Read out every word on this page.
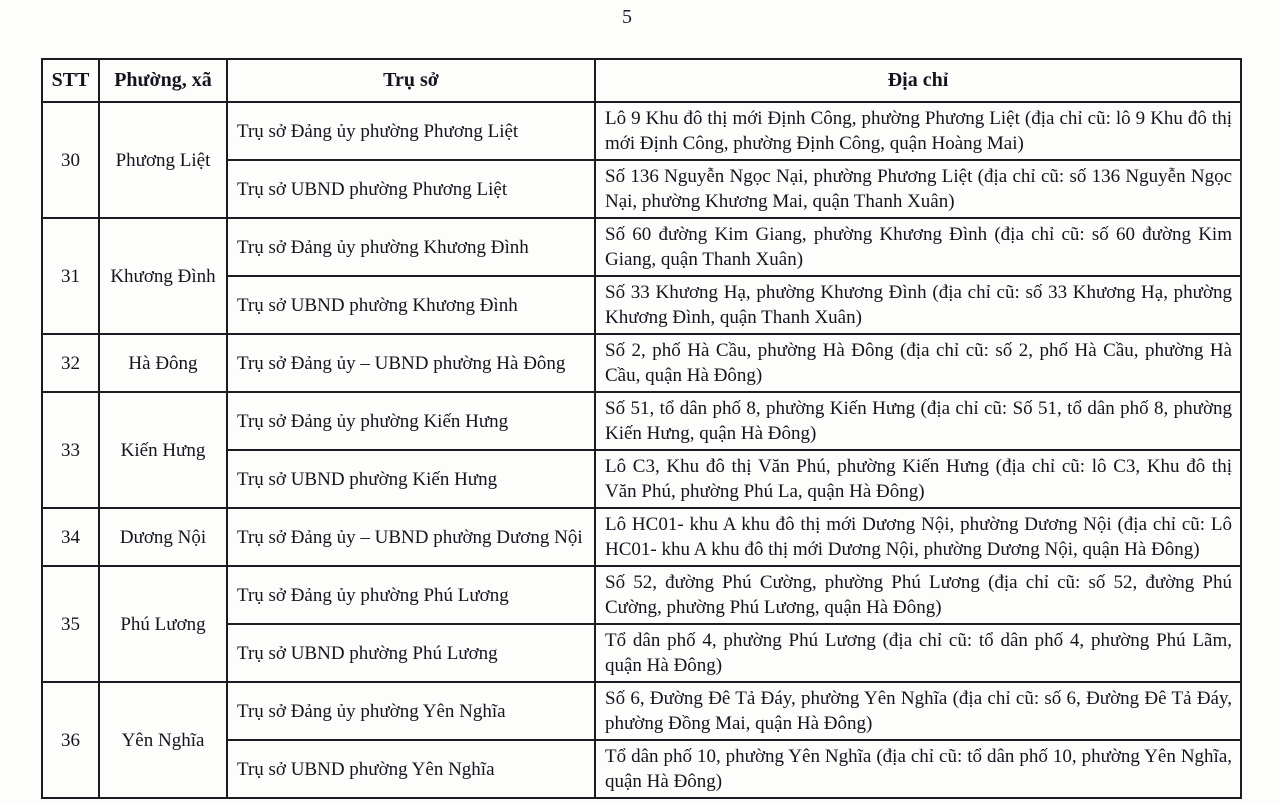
5
STT	Phường, xã	Trụ sở	Địa chỉ
30	Phương Liệt	Trụ sở Đảng ủy phường Phương Liệt	Lô 9 Khu đô thị mới Định Công, phường Phương Liệt (địa chỉ cũ: lô 9 Khu đô thị mới Định Công, phường Định Công, quận Hoàng Mai)
		Trụ sở UBND phường Phương Liệt	Số 136 Nguyễn Ngọc Nại, phường Phương Liệt (địa chỉ cũ: số 136 Nguyễn Ngọc Nại, phường Khương Mai, quận Thanh Xuân)
31	Khương Đình	Trụ sở Đảng ủy phường Khương Đình	Số 60 đường Kim Giang, phường Khương Đình (địa chỉ cũ: số 60 đường Kim Giang, quận Thanh Xuân)
		Trụ sở UBND phường Khương Đình	Số 33 Khương Hạ, phường Khương Đình (địa chỉ cũ: số 33 Khương Hạ, phường Khương Đình, quận Thanh Xuân)
32	Hà Đông	Trụ sở Đảng ủy – UBND phường Hà Đông	Số 2, phố Hà Cầu, phường Hà Đông (địa chỉ cũ: số 2, phố Hà Cầu, phường Hà Cầu, quận Hà Đông)
33	Kiến Hưng	Trụ sở Đảng ủy phường Kiến Hưng	Số 51, tổ dân phố 8, phường Kiến Hưng (địa chỉ cũ: Số 51, tổ dân phố 8, phường Kiến Hưng, quận Hà Đông)
		Trụ sở UBND phường Kiến Hưng	Lô C3, Khu đô thị Văn Phú, phường Kiến Hưng (địa chỉ cũ: lô C3, Khu đô thị Văn Phú, phường Phú La, quận Hà Đông)
34	Dương Nội	Trụ sở Đảng ủy – UBND phường Dương Nội	Lô HC01- khu A khu đô thị mới Dương Nội, phường Dương Nội (địa chỉ cũ: Lô HC01- khu A khu đô thị mới Dương Nội, phường Dương Nội, quận Hà Đông)
35	Phú Lương	Trụ sở Đảng ủy phường Phú Lương	Số 52, đường Phú Cường, phường Phú Lương (địa chỉ cũ: số 52, đường Phú Cường, phường Phú Lương, quận Hà Đông)
		Trụ sở UBND phường Phú Lương	Tổ dân phố 4, phường Phú Lương (địa chỉ cũ: tổ dân phố 4, phường Phú Lãm, quận Hà Đông)
36	Yên Nghĩa	Trụ sở Đảng ủy phường Yên Nghĩa	Số 6, Đường Đê Tả Đáy, phường Yên Nghĩa (địa chỉ cũ: số 6, Đường Đê Tả Đáy, phường Đồng Mai, quận Hà Đông)
		Trụ sở UBND phường Yên Nghĩa	Tổ dân phố 10, phường Yên Nghĩa (địa chỉ cũ: tổ dân phố 10, phường Yên Nghĩa, quận Hà Đông)
